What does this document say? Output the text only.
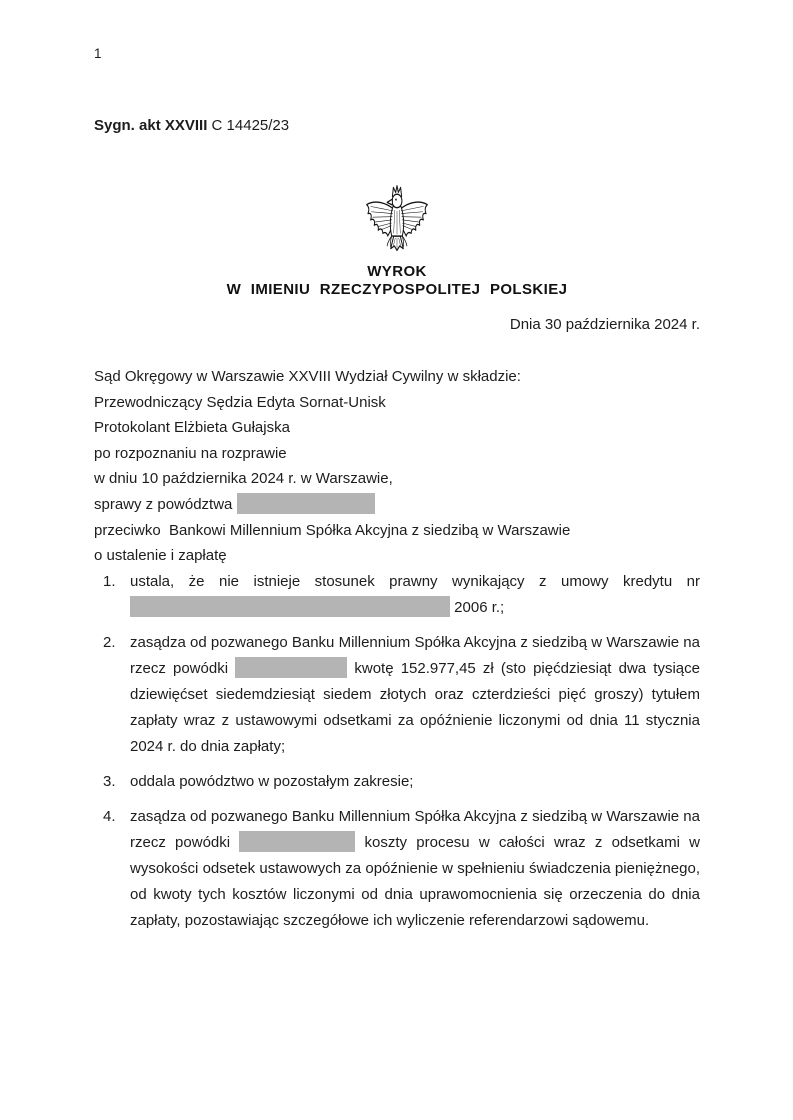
1
Sygn. akt XXVIII C 14425/23
WYROK
W IMIENIU RZECZYPOSPOLITEJ POLSKIEJ
Dnia 30 października 2024 r.
Sąd Okręgowy w Warszawie XXVIII Wydział Cywilny w składzie:
Przewodniczący Sędzia Edyta Sornat-Unisk
Protokolant Elżbieta Gułajska
po rozpoznaniu na rozprawie
w dniu 10 października 2024 r. w Warszawie,
sprawy z powództwa
przeciwko  Bankowi Millennium Spółka Akcyjna z siedzibą w Warszawie
o ustalenie i zapłatę
1. ustala, że nie istnieje stosunek prawny wynikający z umowy kredytu nr  2006 r.;
2. zasądza od pozwanego Banku Millennium Spółka Akcyjna z siedzibą w Warszawie na rzecz powódki	kwotę 152.977,45 zł (sto pięćdziesiąt dwa tysiące dziewięćset siedemdziesiąt siedem złotych oraz czterdzieści pięć groszy) tytułem zapłaty wraz z ustawowymi odsetkami za opóźnienie liczonymi od dnia 11 stycznia 2024 r. do dnia zapłaty;
3. oddala powództwo w pozostałym zakresie;
4. zasądza od pozwanego Banku Millennium Spółka Akcyjna z siedzibą w Warszawie na rzecz powódki	koszty procesu w całości wraz z odsetkami w wysokości odsetek ustawowych za opóźnienie w spełnieniu świadczenia pieniężnego, od kwoty tych kosztów liczonymi od dnia uprawomocnienia się orzeczenia do dnia zapłaty, pozostawiając szczegółowe ich wyliczenie referendarzowi sądowemu.
